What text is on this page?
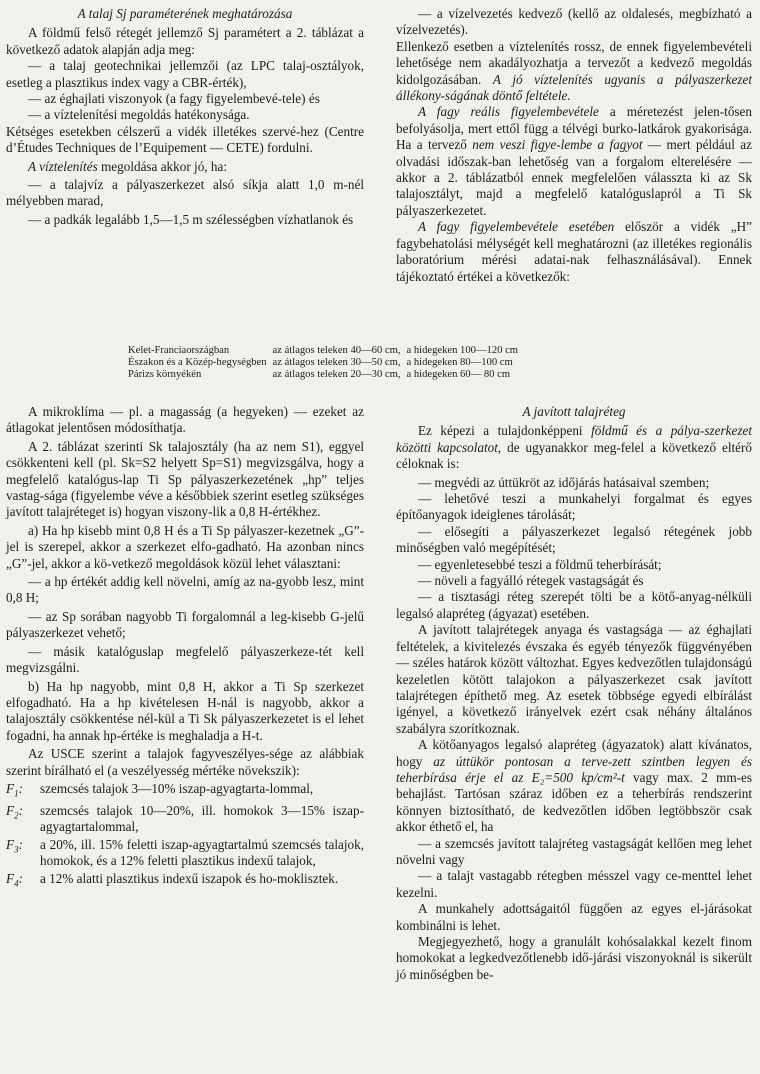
A talaj Sj paraméterének meghatározása

A földmű felső rétegét jellemző Sj paramétert a 2. táblázat a következő adatok alapján adja meg:

— a talaj geotechnikai jellemzői (az LPC talaj-osztályok, esetleg a plasztikus index vagy a CBR-érték),

— az éghajlati viszonyok (a fagy figyelembevé-tele) és

— a víztelenítési megoldás hatékonysága.

Kétséges esetekben célszerű a vidék illetékes szervé-hez (Centre d’Études Techniques de l’Equipement — CETE) fordulni.

A víztelenítés megoldása akkor jó, ha:

— a talajvíz a pályaszerkezet alsó síkja alatt 1,0 m-nél mélyebben marad,

— a padkák legalább 1,5—1,5 m szélességben vízhatlanok és

— a vízelvezetés kedvező (kellő az oldalesés, megbízható a vízelvezetés).

Ellenkező esetben a víztelenítés rossz, de ennek figyelembevételi lehetősége nem akadályozhatja a tervezőt a kedvező megoldás kidolgozásában. A jó víztelenítés ugyanis a pályaszerkezet állékony-ságának döntő feltétele.

A fagy reális figyelembevétele a méretezést jelen-tősen befolyásolja, mert ettől függ a télvégi burko-latkárok gyakorisága. Ha a tervező nem veszi figye-lembe a fagyot — mert például az olvadási időszak-ban lehetőség van a forgalom elterelésére — akkor a 2. táblázatból ennek megfelelően válasszta ki az Sk talajosztályt, majd a megfelelő katalóguslapról a Ti Sk pályaszerkezetet.

A fagy figyelembevétele esetében először a vidék „H” fagybehatolási mélységét kell meghatározni (az illetékes regionális laboratórium mérési adatai-nak felhasználásával). Ennek tájékoztató értékei a következők:

Kelet-Franciaországban	az átlagos teleken 40—60 cm,	a hidegeken 100—120 cm
Északon és a Közép-hegységben	az átlagos teleken 30—50 cm,	a hidegeken 80—100 cm
Párizs környékén	az átlagos teleken 20—30 cm,	a hidegeken 60— 80 cm

A mikroklíma — pl. a magasság (a hegyeken) — ezeket az átlagokat jelentősen módosíthatja.

A 2. táblázat szerinti Sk talajosztály (ha az nem S1), eggyel csökkenteni kell (pl. Sk=S2 helyett Sp=S1) megvizsgálva, hogy a megfelelő katalógus-lap Ti Sp pályaszerkezetének „hp” teljes vastag-sága (figyelembe véve a későbbiek szerint esetleg szükséges javított talajréteget is) hogyan viszony-lik a 0,8 H-értékhez.

a) Ha hp kisebb mint 0,8 H és a Ti Sp pályaszer-kezetnek „G”-jel is szerepel, akkor a szerkezet elfo-gadható. Ha azonban nincs „G”-jel, akkor a kö-vetkező megoldások közül lehet választani:

— a hp értékét addig kell növelni, amíg az na-gyobb lesz, mint 0,8 H;

— az Sp sorában nagyobb Ti forgalomnál a leg-kisebb G-jelű pályaszerkezet vehető;

— másik katalóguslap megfelelő pályaszerkeze-tét kell megvizsgálni.

b) Ha hp nagyobb, mint 0,8 H, akkor a Ti Sp szerkezet elfogadható. Ha a hp kivételesen H-nál is nagyobb, akkor a talajosztály csökkentése nél-kül a Ti Sk pályaszerkezetet is el lehet fogadni, ha annak hp-értéke is meghaladja a H-t.

Az USCE szerint a talajok fagyveszélyes-sége az alábbiak szerint bírálható el (a veszélyesség mértéke növekszik):

$F_1$:	szemcsés talajok 3—10% iszap-agyagtarta-lommal,
$F_2$:	szemcsés talajok 10—20%, ill. homokok 3—15% iszap-agyagtartalommal,
$F_3$:	a 20%, ill. 15% feletti iszap-agyagtartalmú szemcsés talajok, homokok, és a 12% feletti plasztikus indexű talajok,
$F_4$:	a 12% alatti plasztikus indexű iszapok és ho-moklisztek.

A javított talajréteg

Ez képezi a tulajdonképpeni földmű és a pálya-szerkezet közötti kapcsolatot, de ugyanakkor meg-felel a következő eltérő céloknak is:

— megvédi az úttükröt az időjárás hatásaival szemben;

— lehetővé teszi a munkahelyi forgalmat és egyes építőanyagok ideiglenes tárolását;

— elősegíti a pályaszerkezet legalsó rétegének jobb minőségben való megépítését;

— egyenletesebbé teszi a földmű teherbírását;

— növeli a fagyálló rétegek vastagságát és

— a tisztasági réteg szerepét tölti be a kötő-anyag-nélküli legalsó alapréteg (ágyazat) esetében.

A javított talajrétegek anyaga és vastagsága — az éghajlati feltételek, a kivitelezés évszaka és egyéb tényezők függvényében — széles határok között változhat. Egyes kedvezőtlen tulajdonságú kezeletlen kötött talajokon a pályaszerkezet csak javított talajrétegen építhető meg. Az esetek többsége egyedi elbírálást igényel, a következő irányelvek ezért csak néhány általános szabályra szorítkoznak.

A kötőanyagos legalsó alapréteg (ágyazatok) alatt kívánatos, hogy az úttükör pontosan a terve-zett szintben legyen és teherbírása érje el az E₂=500 kp/cm²-t vagy max. 2 mm-es behajlást. Tartósan száraz időben ez a teherbírás rendszerint könnyen biztosítható, de kedvezőtlen időben legtöbbször csak akkor éthető el, ha

— a szemcsés javított talajréteg vastagságát kellően meg lehet növelni vagy

— a talajt vastagabb rétegben mésszel vagy ce-menttel lehet kezelni.

A munkahely adottságaitól függően az egyes el-járásokat kombinálni is lehet.

Megjegyezhető, hogy a granulált kohósalakkal kezelt finom homokokat a legkedvezőtlenebb idő-járási viszonyoknál is sikerült jó minőségben be-
